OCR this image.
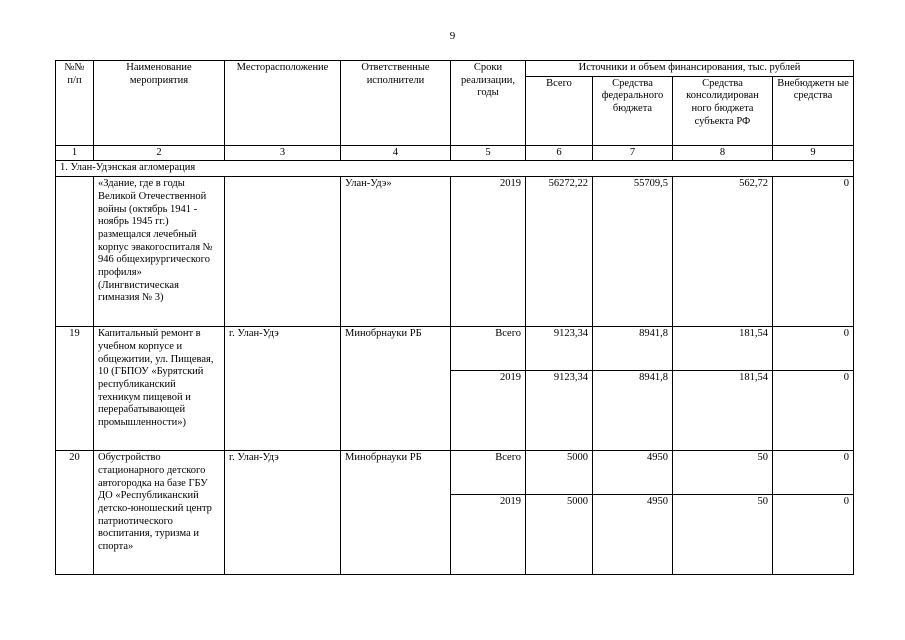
9
№№ п/п	Наименование мероприятия	Месторасположение	Ответственные исполнители	Сроки реализации, годы	Источники и объем финансирования, тыс. рублей			
					Всего	Средства федерального бюджета	Средства консолидирован ного бюджета субъекта РФ	Внебюджетн ые средства
1	2	3	4	5	6	7	8	9
1. Улан-Удэнская агломерация								
	«Здание, где в годы Великой Отечественной войны (октябрь 1941 - ноябрь 1945 гг.) размещался лечебный корпус эвакогоспиталя № 946 общехирургического профиля» (Лингвистическая гимназия № 3)		Улан-Удэ»	2019	56272,22	55709,5	562,72	0
19	Капитальный ремонт в учебном корпусе и общежитии, ул. Пищевая, 10 (ГБПОУ «Бурятский республиканский техникум пищевой и перерабатывающей промышленности»)	г. Улан-Удэ	Минобрнауки РБ	Всего	9123,34	8941,8	181,54	0
				2019	9123,34	8941,8	181,54	0
20	Обустройство стационарного детского автогородка на базе ГБУ ДО «Республиканский детско-юношеский центр патриотического воспитания, туризма и спорта»	г. Улан-Удэ	Минобрнауки РБ	Всего	5000	4950	50	0
				2019	5000	4950	50	0
